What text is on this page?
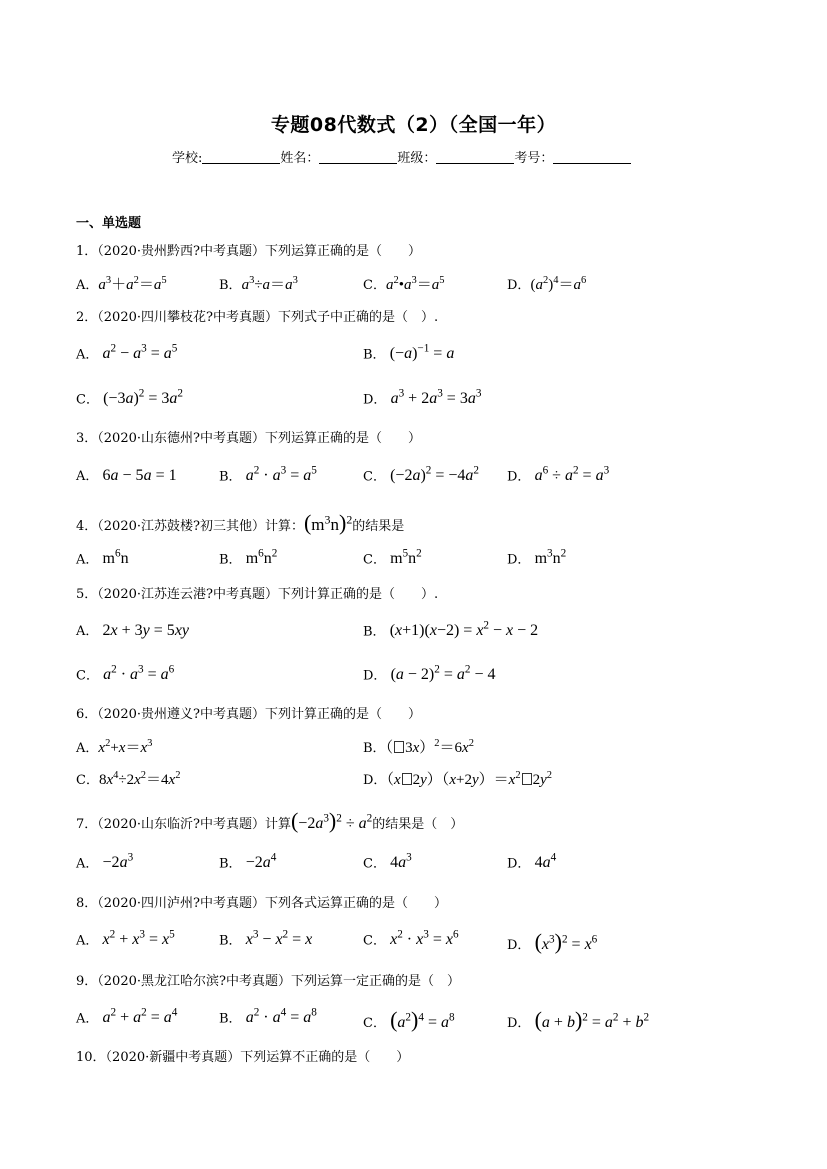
专题08代数式（2）（全国一年）
学校:	姓名：	班级：	考号：
一、单选题
1．（2020·贵州黔西?中考真题）下列运算正确的是（　　）
A．$a^3+a^2=a^5$	B．$a^3\div a=a^3$	C．$a^2•a^3=a^5$	D．$(a^2)^4=a^6$
2．（2020·四川攀枝花?中考真题）下列式子中正确的是（　）.
A． $a^2 - a^3 = a^5$	B． $(-a)^{-1} = a$
C． $(-3a)^2 = 3a^2$	D． $a^3 + 2a^3 = 3a^3$
3．（2020·山东德州?中考真题）下列运算正确的是（　　）
A． 6a − 5a = 1	B． $a^2 \cdot a^3 = a^5$	C． $(-2a)^2 = -4a^2$ D． $a^6 \div a^2 = a^3$
4．（2020·江苏鼓楼?初三其他）计算：$(m^3n)^2$的结果是
A． $m^6n$	B． $m^6n^2$	C． $m^5n^2$	D． $m^3n^2$
5．（2020·江苏连云港?中考真题）下列计算正确的是（　　）.
A． 2x + 3y = 5xy	B． $(x+1)(x-2) = x^2 - x - 2$
C． $a^2 \cdot a^3 = a^6$	D． $(a - 2)^2 = a^2 - 4$
6．（2020·贵州遵义?中考真题）下列计算正确的是（　　）
A．$x^2+x=x^3$	B．（ $3x)^2=6x^2$
C．$8x^4\div 2x^2=4x^2$	D．（x $2y)(x+2y)=x^2$ $2y^2$
7．（2020·山东临沂?中考真题）计算$(-2a^3)^2 \div a^2$的结果是（　）
A． $-2a^3$	B． $-2a^4$	C． $4a^3$	D． $4a^4$
8．（2020·四川泸州?中考真题）下列各式运算正确的是（　　）
A． $x^2 + x^3 = x^5$	B． $x^3 - x^2 = x$	C． $x^2 \cdot x^3 = x^6$
D． $(x^3)^2 = x^6$
9．（2020·黑龙江哈尔滨?中考真题）下列运算一定正确的是（　）
A． $a^2 + a^2 = a^4$	B． $a^2 \cdot a^4 = a^8$
C． $(a^2)^4 = a^8$	D． $(a + b)^2 = a^2 + b^2$
10．（2020·新疆中考真题）下列运算不正确的是（　　）
